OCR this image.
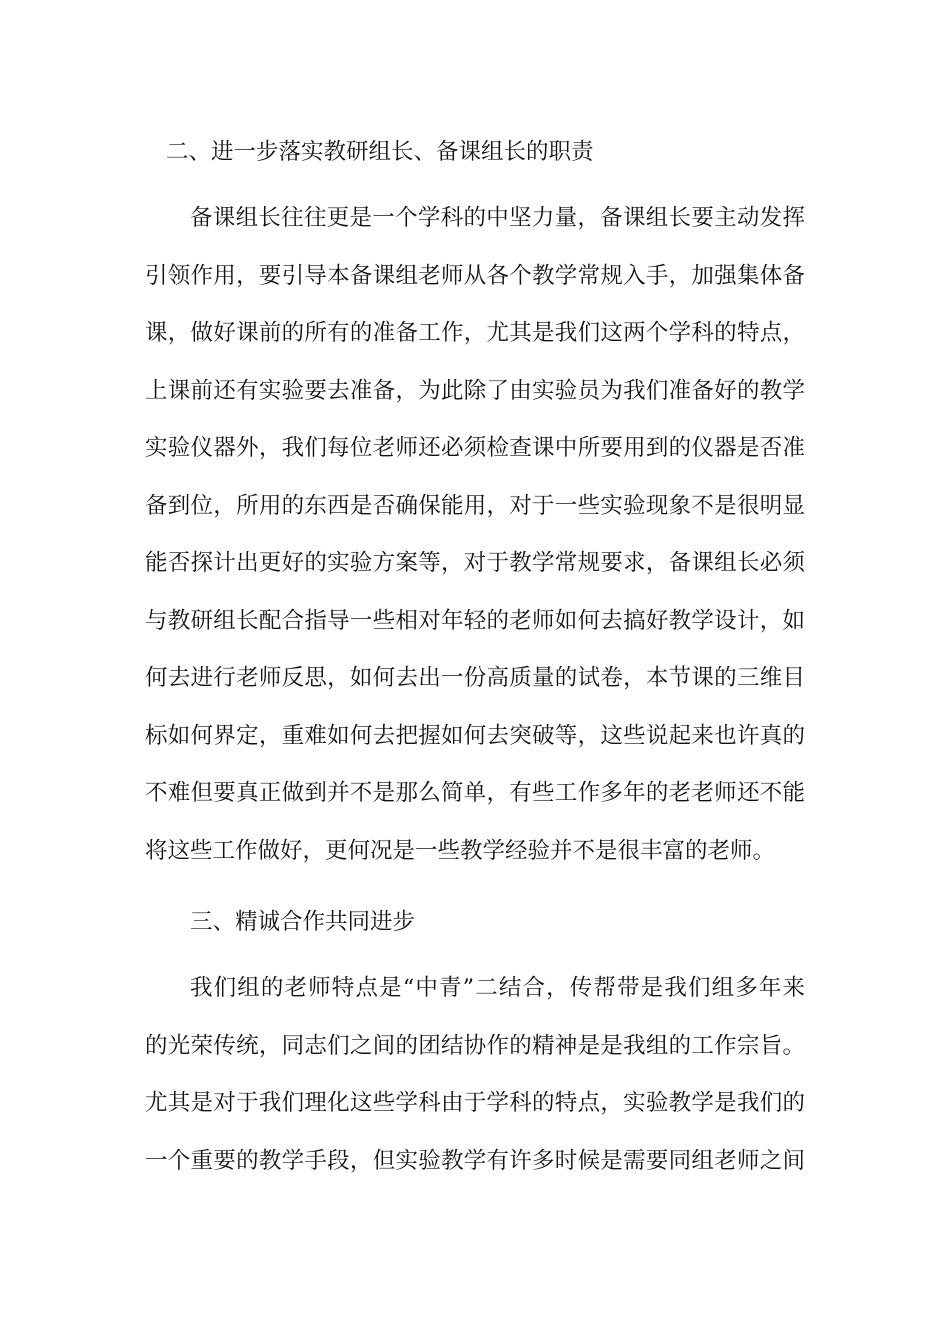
二、进一步落实教研组长、备课组长的职责
备课组长往往更是一个学科的中坚力量，备课组长要主动发挥
引领作用，要引导本备课组老师从各个教学常规入手，加强集体备
课，做好课前的所有的准备工作，尤其是我们这两个学科的特点，
上课前还有实验要去准备，为此除了由实验员为我们准备好的教学
实验仪器外，我们每位老师还必须检查课中所要用到的仪器是否准
备到位，所用的东西是否确保能用，对于一些实验现象不是很明显
能否探计出更好的实验方案等，对于教学常规要求，备课组长必须
与教研组长配合指导一些相对年轻的老师如何去搞好教学设计，如
何去进行老师反思，如何去出一份高质量的试卷，本节课的三维目
标如何界定，重难如何去把握如何去突破等，这些说起来也许真的
不难但要真正做到并不是那么简单，有些工作多年的老老师还不能
将这些工作做好，更何况是一些教学经验并不是很丰富的老师。
三、精诚合作共同进步
我们组的老师特点是“中青”二结合，传帮带是我们组多年来
的光荣传统，同志们之间的团结协作的精神是是我组的工作宗旨。
尤其是对于我们理化这些学科由于学科的特点，实验教学是我们的
一个重要的教学手段，但实验教学有许多时候是需要同组老师之间
